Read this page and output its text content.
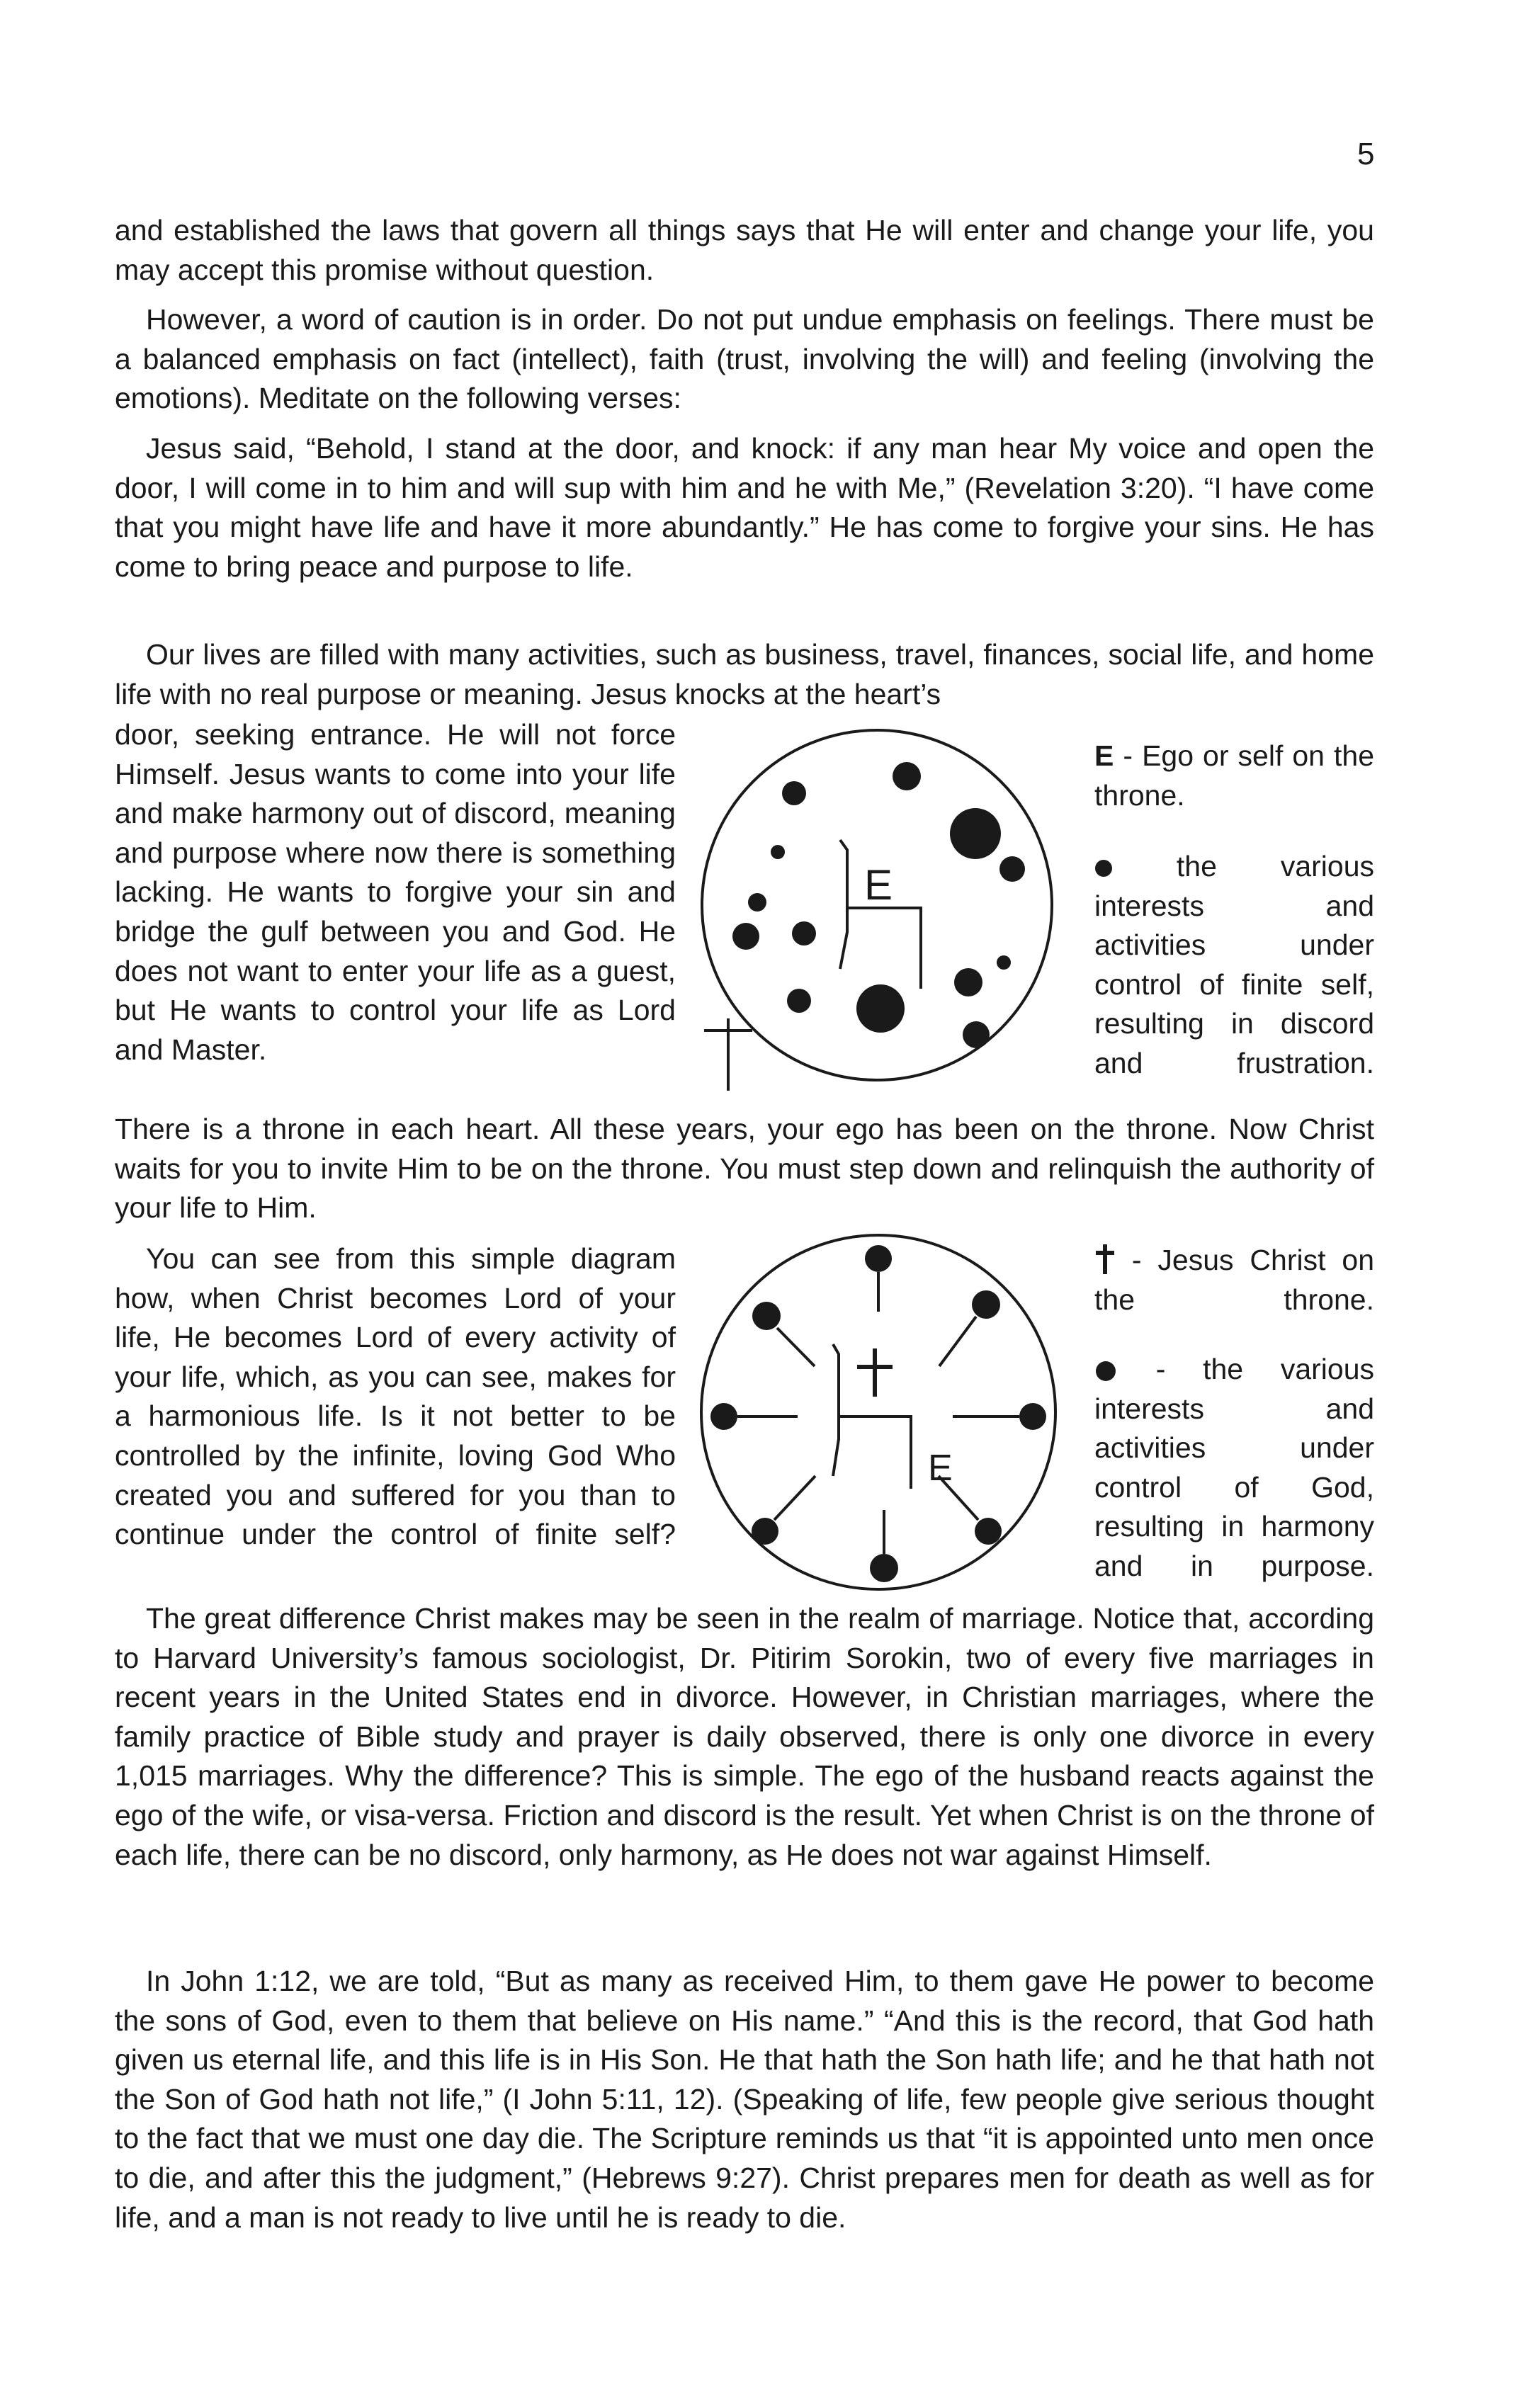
5

and established the laws that govern all things says that He will enter and change your life, you may accept this promise without question.

However, a word of caution is in order. Do not put undue emphasis on feelings. There must be a balanced emphasis on fact (intellect), faith (trust, involving the will) and feeling (involving the emotions). Meditate on the following verses:

Jesus said, “Behold, I stand at the door, and knock: if any man hear My voice and open the door, I will come in to him and will sup with him and he with Me,” (Revelation 3:20). “I have come that you might have life and have it more abundantly.” He has come to forgive your sins. He has come to bring peace and purpose to life.

Our lives are filled with many activities, such as business, travel, finances, social life, and home life with no real purpose or meaning. Jesus knocks at the heart’s

door, seeking entrance. He will not force Himself. Jesus wants to come into your life and make harmony out of discord, meaning and purpose where now there is something lacking. He wants to forgive your sin and bridge the gulf between you and God. He does not want to enter your life as a guest, but He wants to control your life as Lord and Master.

E

E - Ego or self on the throne.

the various interests and activities under control of finite self, resulting in discord and frustration.

There is a throne in each heart. All these years, your ego has been on the throne. Now Christ waits for you to invite Him to be on the throne. You must step down and relinquish the authority of your life to Him.

You can see from this simple diagram how, when Christ becomes Lord of your life, He becomes Lord of every activity of your life, which, as you can see, makes for a harmonious life. Is it not better to be controlled by the infinite, loving God Who created you and suffered for you than to continue under the control of finite self?

E

- Jesus Christ on the throne.

- the various interests and activities under control of God, resulting in harmony and in purpose.

The great difference Christ makes may be seen in the realm of marriage. Notice that, according to Harvard University’s famous sociologist, Dr. Pitirim Sorokin, two of every five marriages in recent years in the United States end in divorce. However, in Christian marriages, where the family practice of Bible study and prayer is daily observed, there is only one divorce in every 1,015 marriages. Why the difference? This is simple. The ego of the husband reacts against the ego of the wife, or visa-versa. Friction and discord is the result. Yet when Christ is on the throne of each life, there can be no discord, only harmony, as He does not war against Himself.

In John 1:12, we are told, “But as many as received Him, to them gave He power to become the sons of God, even to them that believe on His name.” “And this is the record, that God hath given us eternal life, and this life is in His Son. He that hath the Son hath life; and he that hath not the Son of God hath not life,” (I John 5:11, 12). (Speaking of life, few people give serious thought to the fact that we must one day die. The Scripture reminds us that “it is appointed unto men once to die, and after this the judgment,” (Hebrews 9:27). Christ prepares men for death as well as for life, and a man is not ready to live until he is ready to die.
